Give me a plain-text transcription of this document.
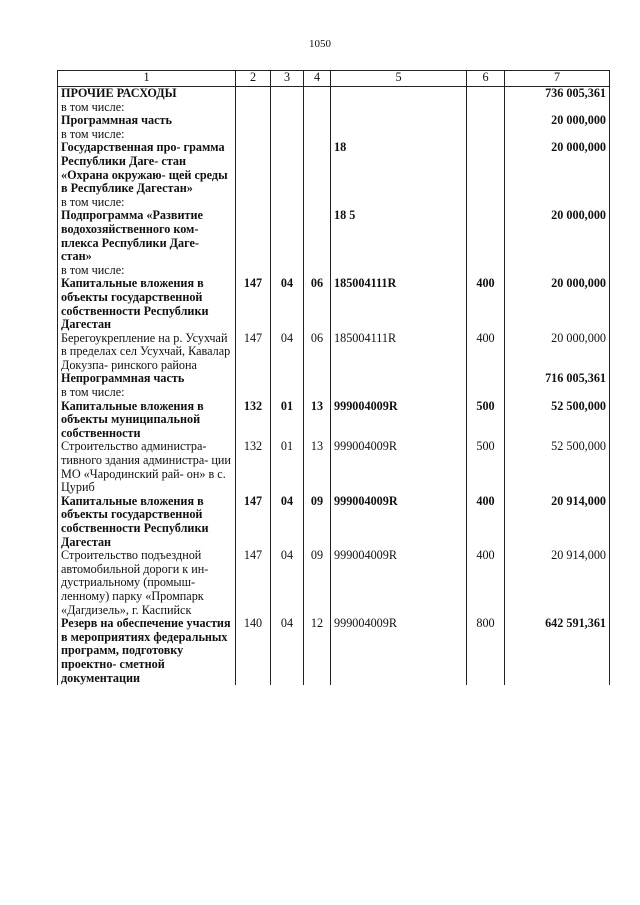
1050
1	2	3	4	5	6	7
ПРОЧИЕ РАСХОДЫ						736 005,361
в том числе:						
Программная часть						20 000,000
в том числе:						
Государственная про- грамма Республики Даге- стан «Охрана окружаю- щей среды в Республике Дагестан»				18		20 000,000
в том числе:						
Подпрограмма «Развитие водохозяйственного ком- плекса Республики Даге- стан»				18 5		20 000,000
в том числе:						
Капитальные вложения в объекты государственной собственности Республики Дагестан	147	04	06	185004111R	400	20 000,000
Берегоукрепление на р. Усухчай в пределах сел Усухчай, Кавалар Докузпа- ринского района	147	04	06	185004111R	400	20 000,000
Непрограммная часть						716 005,361
в том числе:						
Капитальные вложения в объекты муниципальной собственности	132	01	13	999004009R	500	52 500,000
Строительство администра- тивного здания администра- ции МО «Чародинский рай- он» в с. Цуриб	132	01	13	999004009R	500	52 500,000
Капитальные вложения в объекты государственной собственности Республики Дагестан	147	04	09	999004009R	400	20 914,000
Строительство подъездной автомобильной дороги к ин- дустриальному (промыш- ленному) парку «Промпарк «Дагдизель», г. Каспийск	147	04	09	999004009R	400	20 914,000
Резерв на обеспечение участия в мероприятиях федеральных программ, подготовку проектно- сметной документации	140	04	12	999004009R	800	642 591,361
